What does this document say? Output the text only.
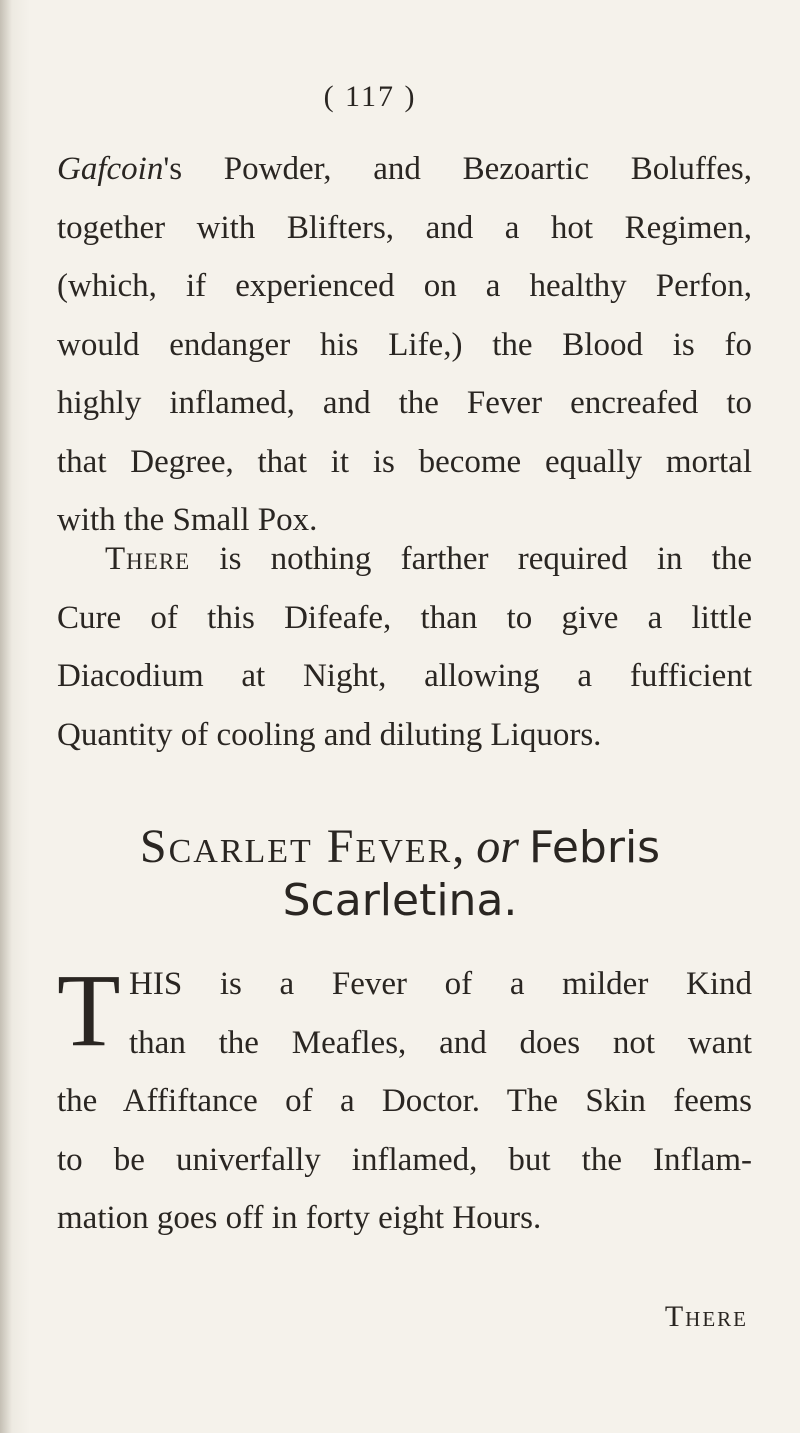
( 117 )
Gafcoin's Powder, and Bezoartic Boluffes,
together with Blifters, and a hot Regimen,
(which, if experienced on a healthy Perfon,
would endanger his Life,) the Blood is fo
highly inflamed, and the Fever encreafed to
that Degree, that it is become equally mortal
with the Small Pox.
There is nothing farther required in the
Cure of this Difeafe, than to give a little
Diacodium at Night, allowing a fufficient
Quantity of cooling and diluting Liquors.
Scarlet Fever, or Febris
Scarletina.
T HIS is a Fever of a milder Kind
than the Meafles, and does not want
the Affiftance of a Doctor. The Skin feems
to be univerfally inflamed, but the Inflam-
mation goes off in forty eight Hours.
There
